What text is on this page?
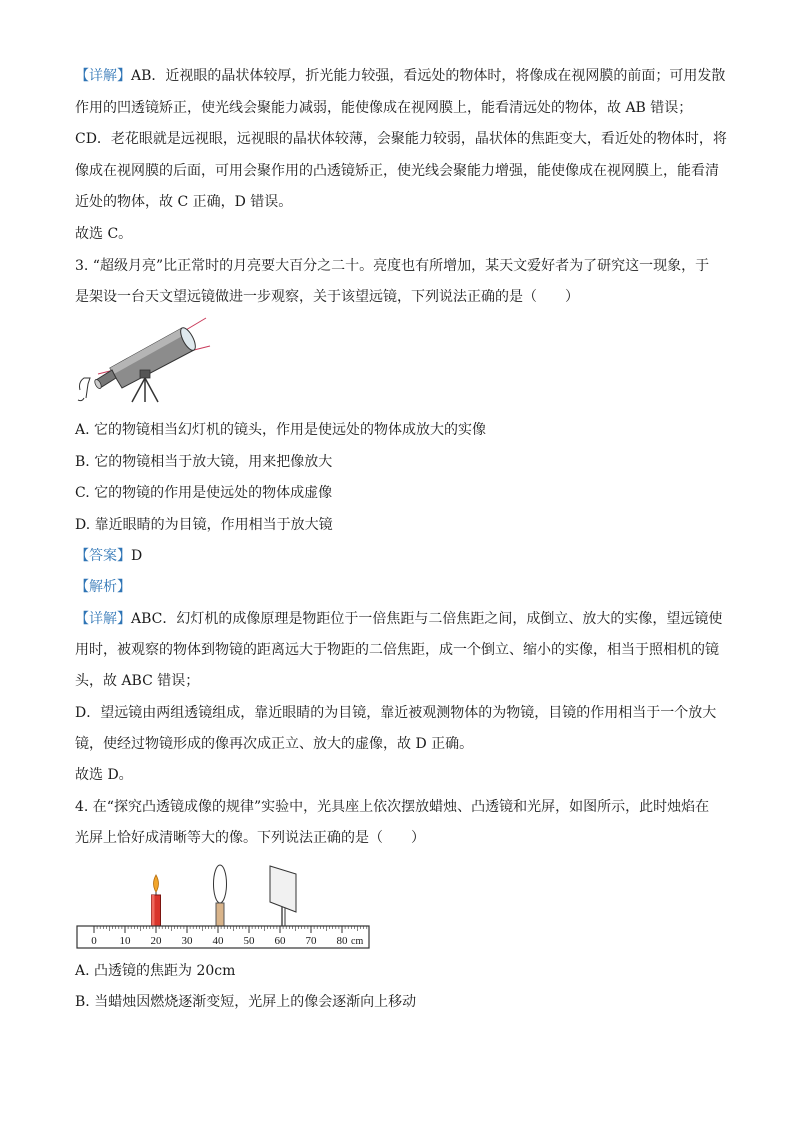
【详解】AB．近视眼的晶状体较厚，折光能力较强，看远处的物体时，将像成在视网膜的前面；可用发散
作用的凹透镜矫正，使光线会聚能力减弱，能使像成在视网膜上，能看清远处的物体，故 AB 错误；
CD．老花眼就是远视眼，远视眼的晶状体较薄，会聚能力较弱，晶状体的焦距变大，看近处的物体时，将
像成在视网膜的后面，可用会聚作用的凸透镜矫正，使光线会聚能力增强，能使像成在视网膜上，能看清
近处的物体，故 C 正确，D 错误。
故选 C。
3. “超级月亮”比正常时的月亮要大百分之二十。亮度也有所增加，某天文爱好者为了研究这一现象，于
是架设一台天文望远镜做进一步观察，关于该望远镜，下列说法正确的是（　　）
A. 它的物镜相当幻灯机的镜头，作用是使远处的物体成放大的实像
B. 它的物镜相当于放大镜，用来把像放大
C. 它的物镜的作用是使远处的物体成虚像
D. 靠近眼睛的为目镜，作用相当于放大镜
【答案】D
【解析】
【详解】ABC．幻灯机的成像原理是物距位于一倍焦距与二倍焦距之间，成倒立、放大的实像，望远镜使
用时，被观察的物体到物镜的距离远大于物距的二倍焦距，成一个倒立、缩小的实像，相当于照相机的镜
头，故 ABC 错误；
D．望远镜由两组透镜组成，靠近眼睛的为目镜，靠近被观测物体的为物镜，目镜的作用相当于一个放大
镜，使经过物镜形成的像再次成正立、放大的虚像，故 D 正确。
故选 D。
4. 在“探究凸透镜成像的规律”实验中，光具座上依次摆放蜡烛、凸透镜和光屏，如图所示，此时烛焰在
光屏上恰好成清晰等大的像。下列说法正确的是（　　）
0 10 20 30 40 50 60 70 80 cm
A. 凸透镜的焦距为 20cm
B. 当蜡烛因燃烧逐渐变短，光屏上的像会逐渐向上移动
